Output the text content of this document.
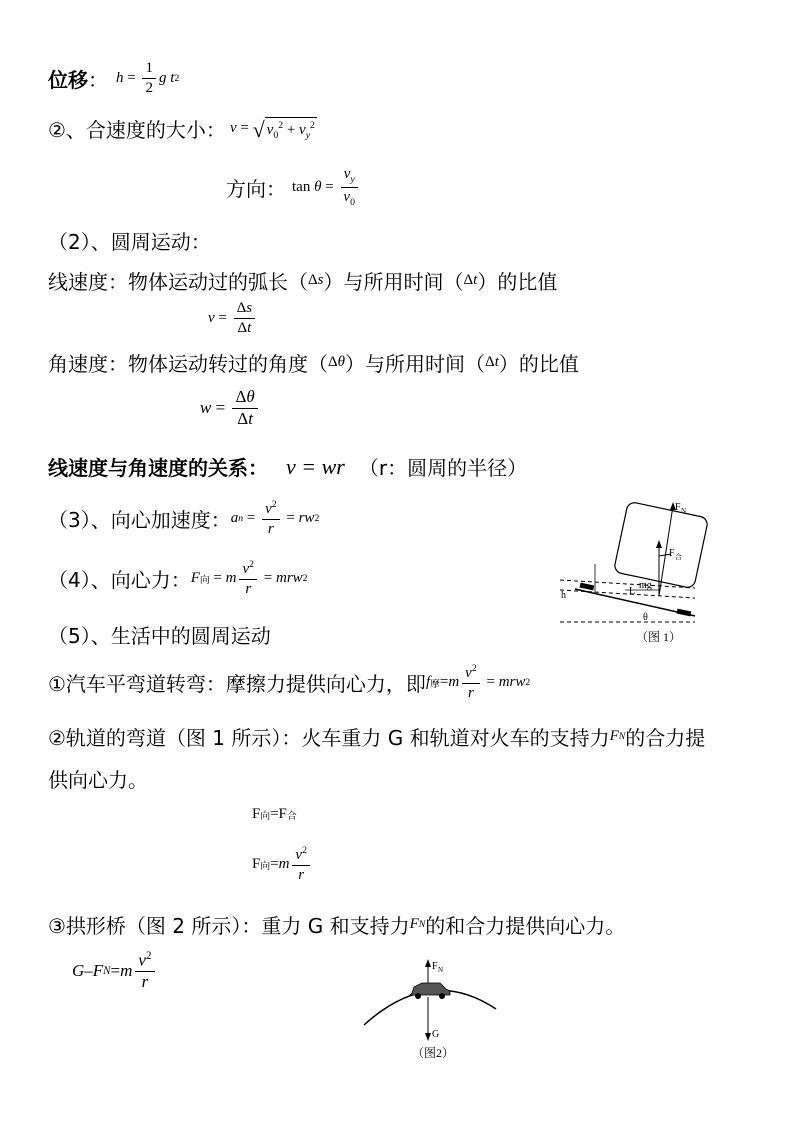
位移 ： $h = \frac{1}{2}$ g t 2
②、合速度的大小： v = √ $v_0^2 + v_y^2$
方向： $\tan \theta = \frac{v_y}{v_0}$
（2）、圆周运动：
线速度：物体运动过的弧长（ Δ s ）与所用时间（ Δ t ）的比值
$v = \frac{\Delta s}{\Delta t}$
角速度：物体运动转过的角度（ Δ θ ）与所用时间（ Δ t ）的比值
$w = \frac{\Delta\theta}{\Delta t}$
线速度与角速度的关系： v = wr （r：圆周的半径）
（3）、向心加速度： a $n = \frac{v^2}{r}$ = rw 2
（4）、向心力： F 向 = m $\frac{v^2}{r}$ = mrw 2
（5）、生活中的圆周运动
①汽车平弯道转弯：摩擦力提供向心力，即 f 摩 = m $\frac{v^2}{r}$ = mrw 2
②轨道的弯道（图 1 所示）：火车重力 G 和轨道对火车的支持力 F N 的合力提
供向心力。
F 向 =F 合
F 向 = m $\frac{v^2}{r}$
③拱形桥（图 2 所示）：重力 G 和支持力 F N 的和合力提供向心力。
G – F N = m $\frac{v^2}{r}$
F N
F 合
mg
L
h
θ
（图 1）
F N
G
（图2）
